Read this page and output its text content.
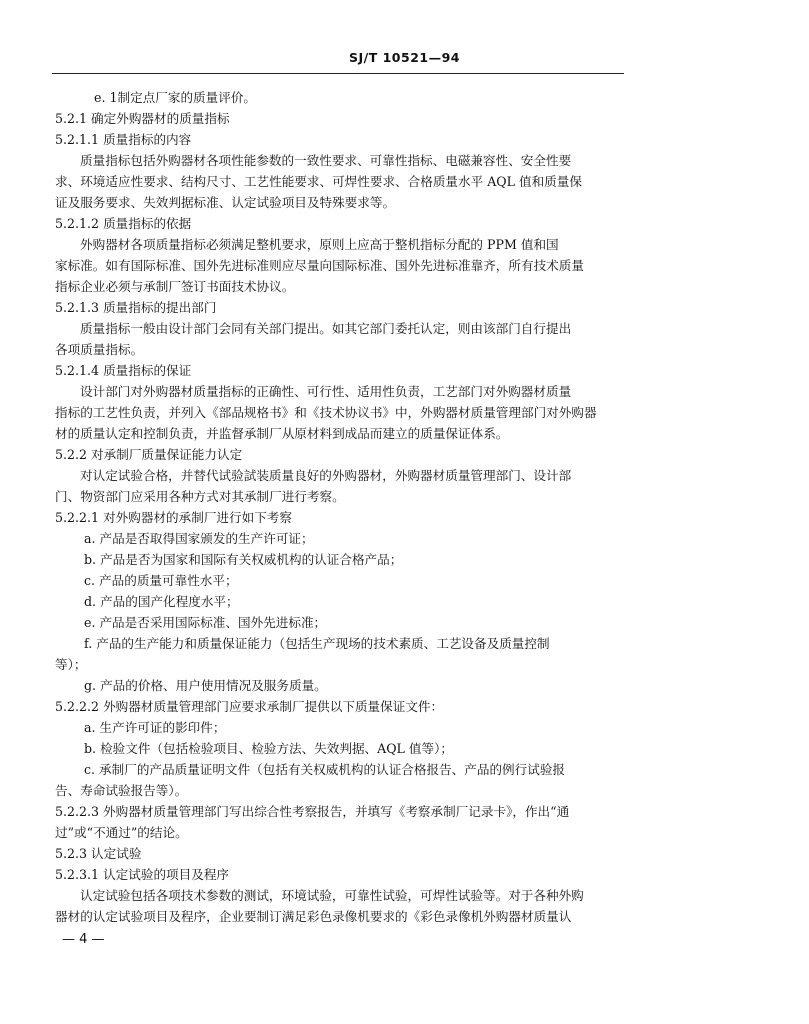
SJ/T 10521—94
e. 1制定点厂家的质量评价。
5.2.1 确定外购器材的质量指标
5.2.1.1 质量指标的内容
质量指标包括外购器材各项性能参数的一致性要求、可靠性指标、电磁兼容性、安全性要
求、环境适应性要求、结构尺寸、工艺性能要求、可焊性要求、合格质量水平 AQL 值和质量保
证及服务要求、失效判据标准、认定试验项目及特殊要求等。
5.2.1.2 质量指标的依据
外购器材各项质量指标必须满足整机要求，原则上应高于整机指标分配的 PPM 值和国
家标准。如有国际标准、国外先进标准则应尽量向国际标准、国外先进标准靠齐，所有技术质量
指标企业必须与承制厂签订书面技术协议。
5.2.1.3 质量指标的提出部门
质量指标一般由设计部门会同有关部门提出。如其它部门委托认定，则由该部门自行提出
各项质量指标。
5.2.1.4 质量指标的保证
设计部门对外购器材质量指标的正确性、可行性、适用性负责，工艺部门对外购器材质量
指标的工艺性负责，并列入《部品规格书》和《技术协议书》中，外购器材质量管理部门对外购器
材的质量认定和控制负责，并监督承制厂从原材料到成品而建立的质量保证体系。
5.2.2 对承制厂质量保证能力认定
对认定试验合格，并替代试验試装质量良好的外购器材，外购器材质量管理部门、设计部
门、物资部门应采用各种方式对其承制厂进行考察。
5.2.2.1 对外购器材的承制厂进行如下考察
a. 产品是否取得国家颁发的生产许可证；
b. 产品是否为国家和国际有关权威机构的认证合格产品；
c. 产品的质量可靠性水平；
d. 产品的国产化程度水平；
e. 产品是否采用国际标准、国外先进标准；
f. 产品的生产能力和质量保证能力（包括生产现场的技术素质、工艺设备及质量控制
等）；
g. 产品的价格、用户使用情况及服务质量。
5.2.2.2 外购器材质量管理部门应要求承制厂提供以下质量保证文件：
a. 生产许可证的影印件；
b. 检验文件（包括检验项目、检验方法、失效判据、AQL 值等）；
c. 承制厂的产品质量证明文件（包括有关权威机构的认证合格报告、产品的例行试验报
告、寿命试验报告等）。
5.2.2.3 外购器材质量管理部门写出综合性考察报告，并填写《考察承制厂记录卡》，作出“通
过”或“不通过”的结论。
5.2.3 认定试验
5.2.3.1 认定试验的项目及程序
认定试验包括各项技术参数的测试，环境试验，可靠性试验，可焊性试验等。对于各种外购
器材的认定试验项目及程序，企业要制订满足彩色录像机要求的《彩色录像机外购器材质量认
— 4 —
